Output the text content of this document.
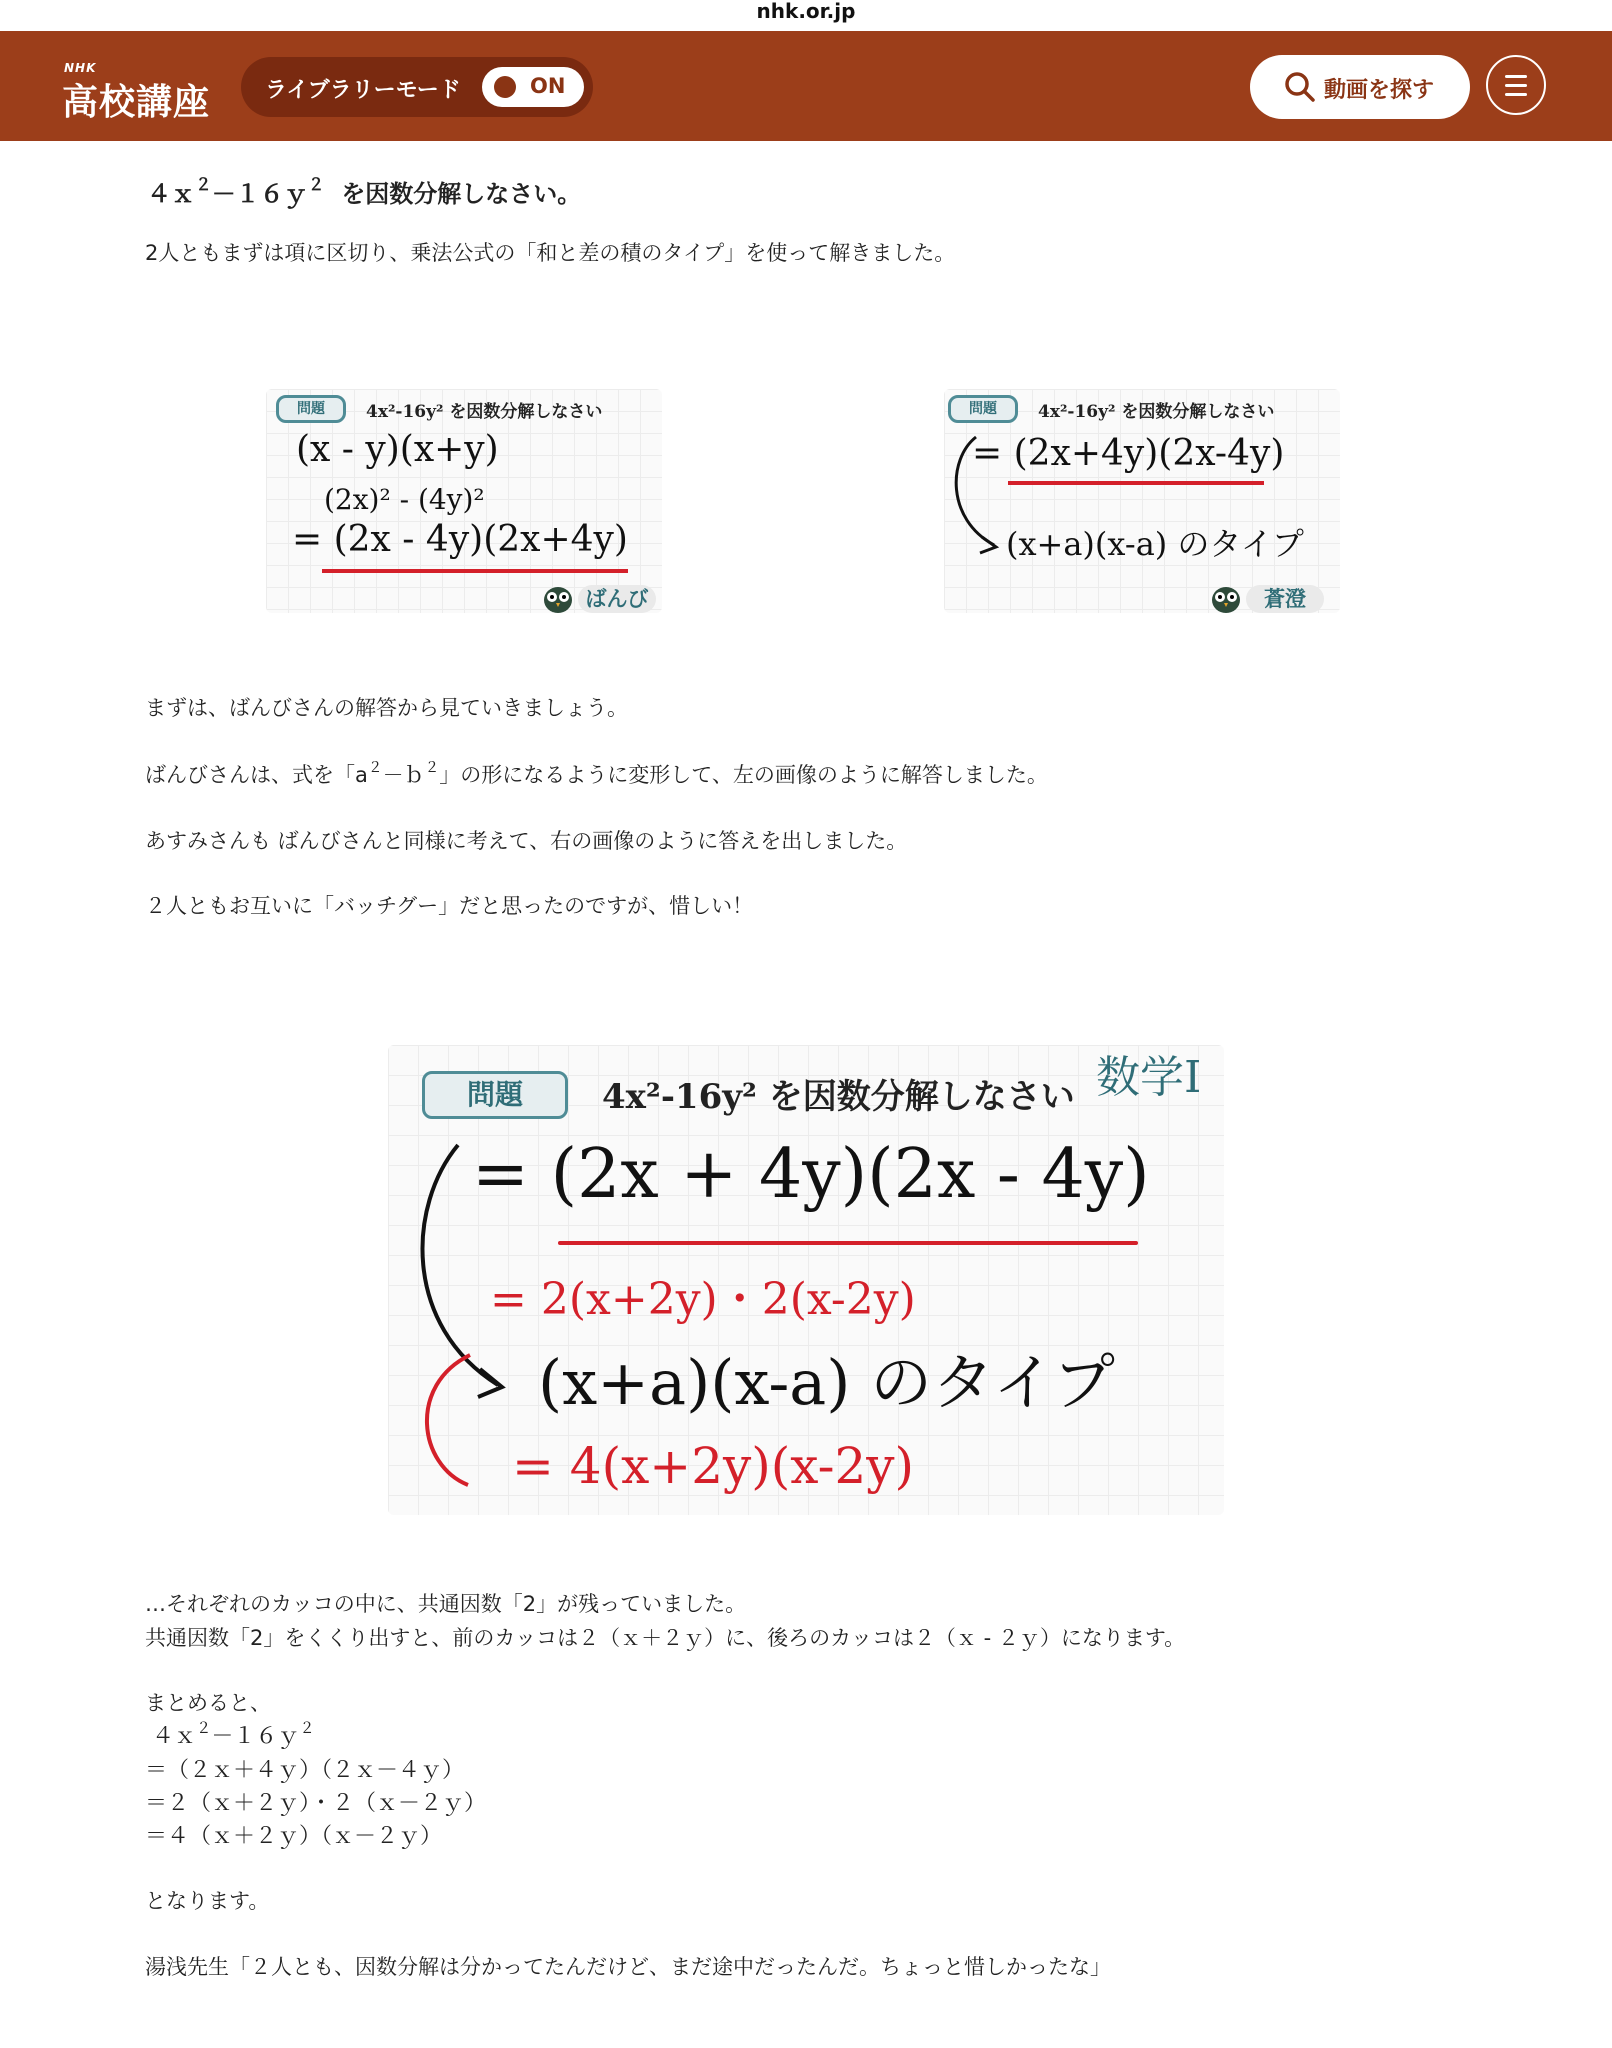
nhk.or.jp
NHK
高校講座 ライブラリーモード	ON	動画を探す
４ｘ$^2$－１６ｙ$^2$ を因数分解しなさい。
2人ともまずは項に区切り、乗法公式の「和と差の積のタイプ」を使って解きました。
問題	4x²-16y² を因数分解しなさい
(x - y)(x+y)
(2x)² - (4y)²
= (2x - 4y)(2x+4y)
ばんび
問題	4x²-16y² を因数分解しなさい
= (2x+4y)(2x-4y)
(x+a)(x-a) のタイプ
蒼澄
まずは、ばんびさんの解答から見ていきましょう。
ばんびさんは、式を「$a^2-b^2$」の形になるように変形して、左の画像のように解答しました。
あすみさんも ばんびさんと同様に考えて、右の画像のように答えを出しました。
２人ともお互いに「バッチグー」だと思ったのですが、惜しい！
問題	4x²-16y² を因数分解しなさい 数学I
= (2x + 4y)(2x - 4y)
= 2(x+2y)・2(x-2y)
(x+a)(x-a) のタイプ
= 4(x+2y)(x-2y)
…それぞれのカッコの中に、共通因数「2」が残っていました。
共通因数「2」をくくり出すと、前のカッコは２（ｘ＋２ｙ）に、後ろのカッコは２（ｘ - ２ｙ）になります。
まとめると、
４ｘ$^2$－１６ｙ$^2$
＝（２ｘ＋４ｙ）（２ｘ－４ｙ）
＝２（ｘ＋２ｙ）・２（ｘ－２ｙ）
＝４（ｘ＋２ｙ）（ｘ－２ｙ）
となります。
湯浅先生「２人とも、因数分解は分かってたんだけど、まだ途中だったんだ。ちょっと惜しかったな」
